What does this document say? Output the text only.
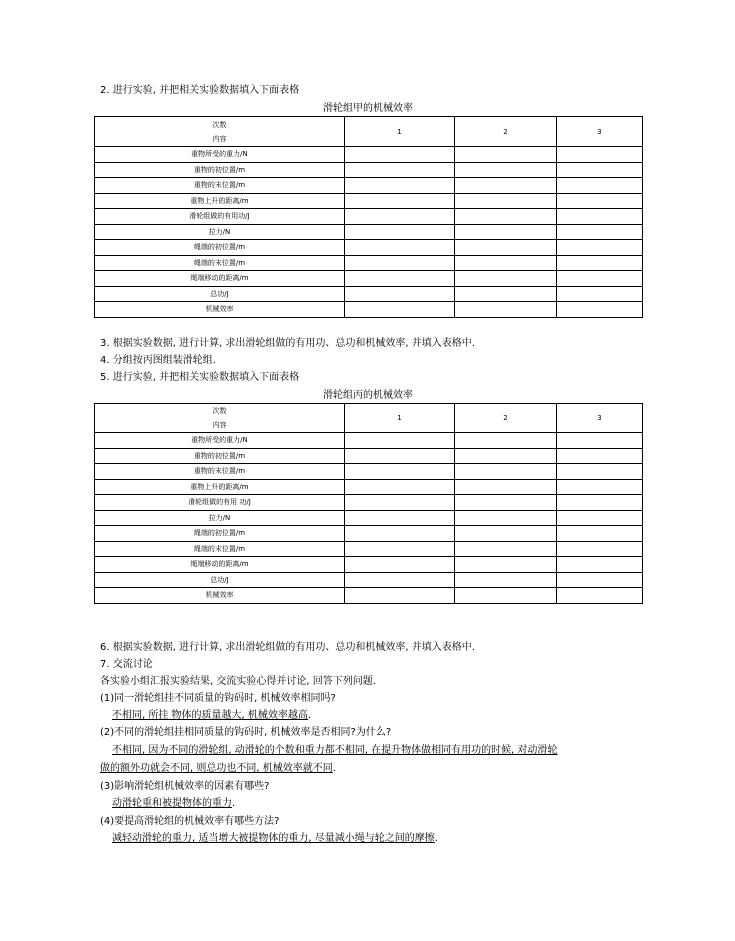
2. 进行实验, 并把相关实验数据填入下面表格
滑轮组甲的机械效率
次数
内容	1	2	3
重物所受的重力/N			
重物的初位置/m			
重物的末位置/m			
重物上升的距离/m			
滑轮组做的有用功/J			
拉力/N			
绳端的初位置/m			
绳端的末位置/m			
绳端移动的距离/m			
总功/J			
机械效率			
3. 根据实验数据, 进行计算, 求出滑轮组做的有用功、总功和机械效率, 并填入表格中.
4. 分组按丙图组装滑轮组.
5. 进行实验, 并把相关实验数据填入下面表格
滑轮组丙的机械效率
次数
内容	1	2	3
重物所受的重力/N			
重物的初位置/m			
重物的末位置/m			
重物上升的距离/m			
滑轮组做的有用 功/J			
拉力/N			
绳端的初位置/m			
绳端的末位置/m			
绳端移动的距离/m			
总功/J			
机械效率			
6. 根据实验数据, 进行计算, 求出滑轮组做的有用功、总功和机械效率, 并填入表格中.
7. 交流讨论
各实验小组汇报实验结果, 交流实验心得并讨论, 回答下列问题.
(1)同一滑轮组挂不同质量的钩码时, 机械效率相同吗?
不相同, 所挂 物体的质量越大, 机械效率越高.
(2)不同的滑轮组挂相同质量的钩码时, 机械效率是否相同?为什么?
不相同, 因为不同的滑轮组, 动滑轮的个数和重力都不相同, 在提升物体做相同有用功的时候, 对动滑轮
做的额外功就会不同, 则总功也不同, 机械效率就不同.
(3)影响滑轮组机械效率的因素有哪些?
动滑轮重和被提物体的重力.
(4)要提高滑轮组的机械效率有哪些方法?
减轻动滑轮的重力, 适当增大被提物体的重力, 尽量减小绳与轮之间的摩擦.
